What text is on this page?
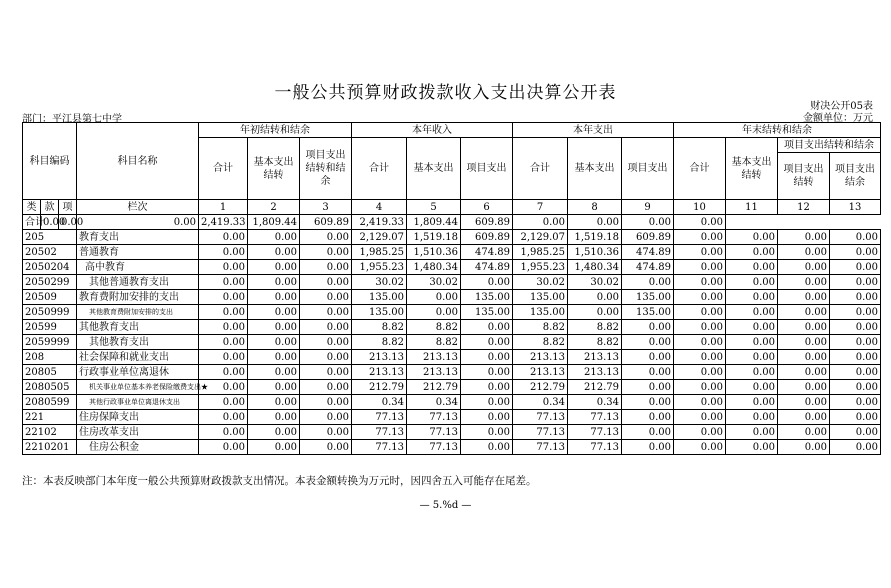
一般公共预算财政拨款收入支出决算公开表
财决公开05表
金额单位：万元
部门：平江县第七中学
科目编码			科目名称	年初结转和结余			本年收入			本年支出			年末结转和结余			
				合计	基本支出结转	项目支出结转和结余	合计	基本支出	项目支出	合计	基本支出	项目支出	合计	基本支出结转	项目支出结转和结余	
															项目支出结转	项目支出结余
类	款	项	栏次	1	2	3	4	5	6	7	8	9	10	11	12	13
合计	0.00	0.00	0.00	2,419.33	1,809.44	609.89	2,419.33	1,809.44	609.89	0.00	0.00	0.00	0.00			
205			教育支出	0.00	0.00	0.00	2,129.07	1,519.18	609.89	2,129.07	1,519.18	609.89	0.00	0.00	0.00	0.00
20502			普通教育	0.00	0.00	0.00	1,985.25	1,510.36	474.89	1,985.25	1,510.36	474.89	0.00	0.00	0.00	0.00
2050204			高中教育	0.00	0.00	0.00	1,955.23	1,480.34	474.89	1,955.23	1,480.34	474.89	0.00	0.00	0.00	0.00
2050299			其他普通教育支出	0.00	0.00	0.00	30.02	30.02	0.00	30.02	30.02	0.00	0.00	0.00	0.00	0.00
20509			教育费附加安排的支出	0.00	0.00	0.00	135.00	0.00	135.00	135.00	0.00	135.00	0.00	0.00	0.00	0.00
2050999			其他教育费附加安排的支出	0.00	0.00	0.00	135.00	0.00	135.00	135.00	0.00	135.00	0.00	0.00	0.00	0.00
20599			其他教育支出	0.00	0.00	0.00	8.82	8.82	0.00	8.82	8.82	0.00	0.00	0.00	0.00	0.00
2059999			其他教育支出	0.00	0.00	0.00	8.82	8.82	0.00	8.82	8.82	0.00	0.00	0.00	0.00	0.00
208			社会保障和就业支出	0.00	0.00	0.00	213.13	213.13	0.00	213.13	213.13	0.00	0.00	0.00	0.00	0.00
20805			行政事业单位离退休	0.00	0.00	0.00	213.13	213.13	0.00	213.13	213.13	0.00	0.00	0.00	0.00	0.00
2080505			机关事业单位基本养老保险缴费支出★	0.00	0.00	0.00	212.79	212.79	0.00	212.79	212.79	0.00	0.00	0.00	0.00	0.00
2080599			其他行政事业单位离退休支出	0.00	0.00	0.00	0.34	0.34	0.00	0.34	0.34	0.00	0.00	0.00	0.00	0.00
221			住房保障支出	0.00	0.00	0.00	77.13	77.13	0.00	77.13	77.13	0.00	0.00	0.00	0.00	0.00
22102			住房改革支出	0.00	0.00	0.00	77.13	77.13	0.00	77.13	77.13	0.00	0.00	0.00	0.00	0.00
2210201			住房公积金	0.00	0.00	0.00	77.13	77.13	0.00	77.13	77.13	0.00	0.00	0.00	0.00	0.00
注：本表反映部门本年度一般公共预算财政拨款支出情况。本表金额转换为万元时，因四舍五入可能存在尾差。
— 5.%d —
